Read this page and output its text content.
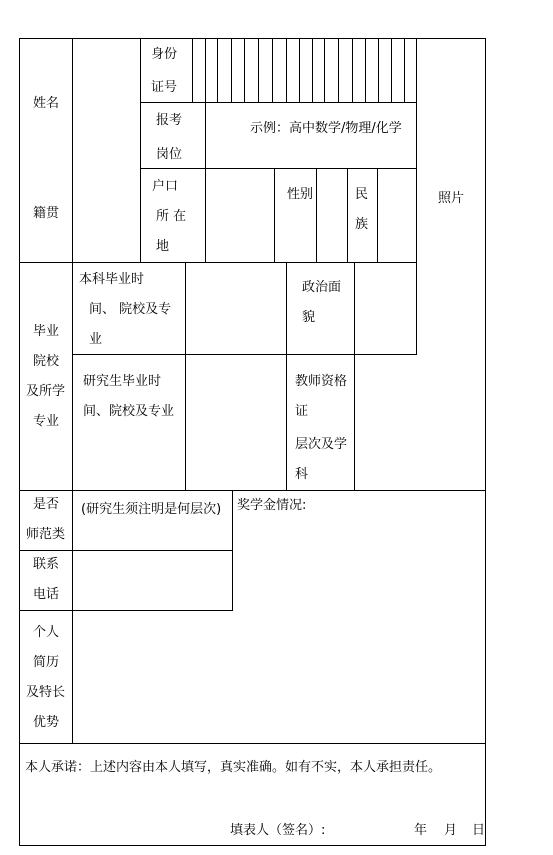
姓名
籍贯
身份
证号
报考
岗位
示例：高中数学/物理/化学
户口
所 在
地
性别	民
族
照片
毕业
院校
及所学
专业
本科毕业时
间、 院校及专
业
政治面
貌
研究生毕业时
间、院校及专业
教师资格
证
层次及学
科
是否
师范类
(研究生须注明是何层次) 奖学金情况:
联系
电话
个人
简历
及特长
优势
本人承诺：上述内容由本人填写，真实准确。如有不实，本人承担责任。
填表人（签名）:	年 月 日
